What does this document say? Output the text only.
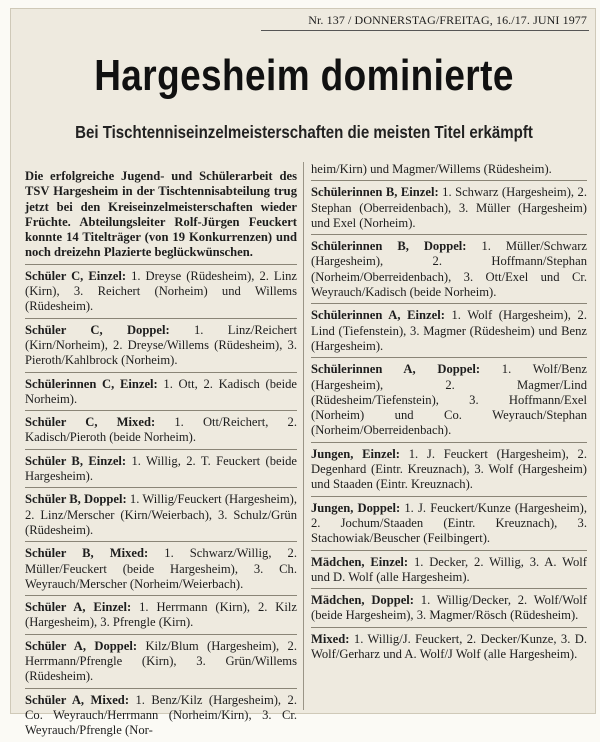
Nr. 137 / DONNERSTAG/FREITAG, 16./17. JUNI 1977
Hargesheim dominierte
Bei Tischtenniseinzelmeisterschaften die meisten Titel erkämpft

Die erfolgreiche Jugend- und Schülerarbeit des TSV Hargesheim in der Tischtennisabteilung trug jetzt bei den Kreiseinzelmeisterschaften wieder Früchte. Abteilungsleiter Rolf-Jürgen Feuckert konnte 14 Titelträger (von 19 Konkurrenzen) und noch dreizehn Plazierte beglückwünschen.

Schüler C, Einzel: 1. Dreyse (Rüdesheim), 2. Linz (Kirn), 3. Reichert (Norheim) und Willems (Rüdesheim).

Schüler C, Doppel: 1. Linz/Reichert (Kirn/Norheim), 2. Dreyse/Willems (Rüdesheim), 3. Pieroth/Kahlbrock (Norheim).

Schülerinnen C, Einzel: 1. Ott, 2. Kadisch (beide Norheim).

Schüler C, Mixed: 1. Ott/Reichert, 2. Kadisch/Pieroth (beide Norheim).

Schüler B, Einzel: 1. Willig, 2. T. Feuckert (beide Hargesheim).

Schüler B, Doppel: 1. Willig/Feuckert (Hargesheim), 2. Linz/Merscher (Kirn/Weierbach), 3. Schulz/Grün (Rüdesheim).

Schüler B, Mixed: 1. Schwarz/Willig, 2. Müller/Feuckert (beide Hargesheim), 3. Ch. Weyrauch/Merscher (Norheim/Weierbach).

Schüler A, Einzel: 1. Herrmann (Kirn), 2. Kilz (Hargesheim), 3. Pfrengle (Kirn).

Schüler A, Doppel: Kilz/Blum (Hargesheim), 2. Herrmann/Pfrengle (Kirn), 3. Grün/Willems (Rüdesheim).

Schüler A, Mixed: 1. Benz/Kilz (Hargesheim), 2. Co. Weyrauch/Herrmann (Norheim/Kirn), 3. Cr. Weyrauch/Pfrengle (Nor-

heim/Kirn) und Magmer/Willems (Rüdesheim).

Schülerinnen B, Einzel: 1. Schwarz (Hargesheim), 2. Stephan (Oberreidenbach), 3. Müller (Hargesheim) und Exel (Norheim).

Schülerinnen B, Doppel: 1. Müller/Schwarz (Hargesheim), 2. Hoffmann/Stephan (Norheim/Oberreidenbach), 3. Ott/Exel und Cr. Weyrauch/Kadisch (beide Norheim).

Schülerinnen A, Einzel: 1. Wolf (Hargesheim), 2. Lind (Tiefenstein), 3. Magmer (Rüdesheim) und Benz (Hargesheim).

Schülerinnen A, Doppel: 1. Wolf/Benz (Hargesheim), 2. Magmer/Lind (Rüdesheim/Tiefenstein), 3. Hoffmann/Exel (Norheim) und Co. Weyrauch/Stephan (Norheim/Oberreidenbach).

Jungen, Einzel: 1. J. Feuckert (Hargesheim), 2. Degenhard (Eintr. Kreuznach), 3. Wolf (Hargesheim) und Staaden (Eintr. Kreuznach).

Jungen, Doppel: 1. J. Feuckert/Kunze (Hargesheim), 2. Jochum/Staaden (Eintr. Kreuznach), 3. Stachowiak/Beuscher (Feilbingert).

Mädchen, Einzel: 1. Decker, 2. Willig, 3. A. Wolf und D. Wolf (alle Hargesheim).

Mädchen, Doppel: 1. Willig/Decker, 2. Wolf/Wolf (beide Hargesheim), 3. Magmer/Rösch (Rüdesheim).

Mixed: 1. Willig/J. Feuckert, 2. Decker/Kunze, 3. D. Wolf/Gerharz und A. Wolf/J Wolf (alle Hargesheim).
